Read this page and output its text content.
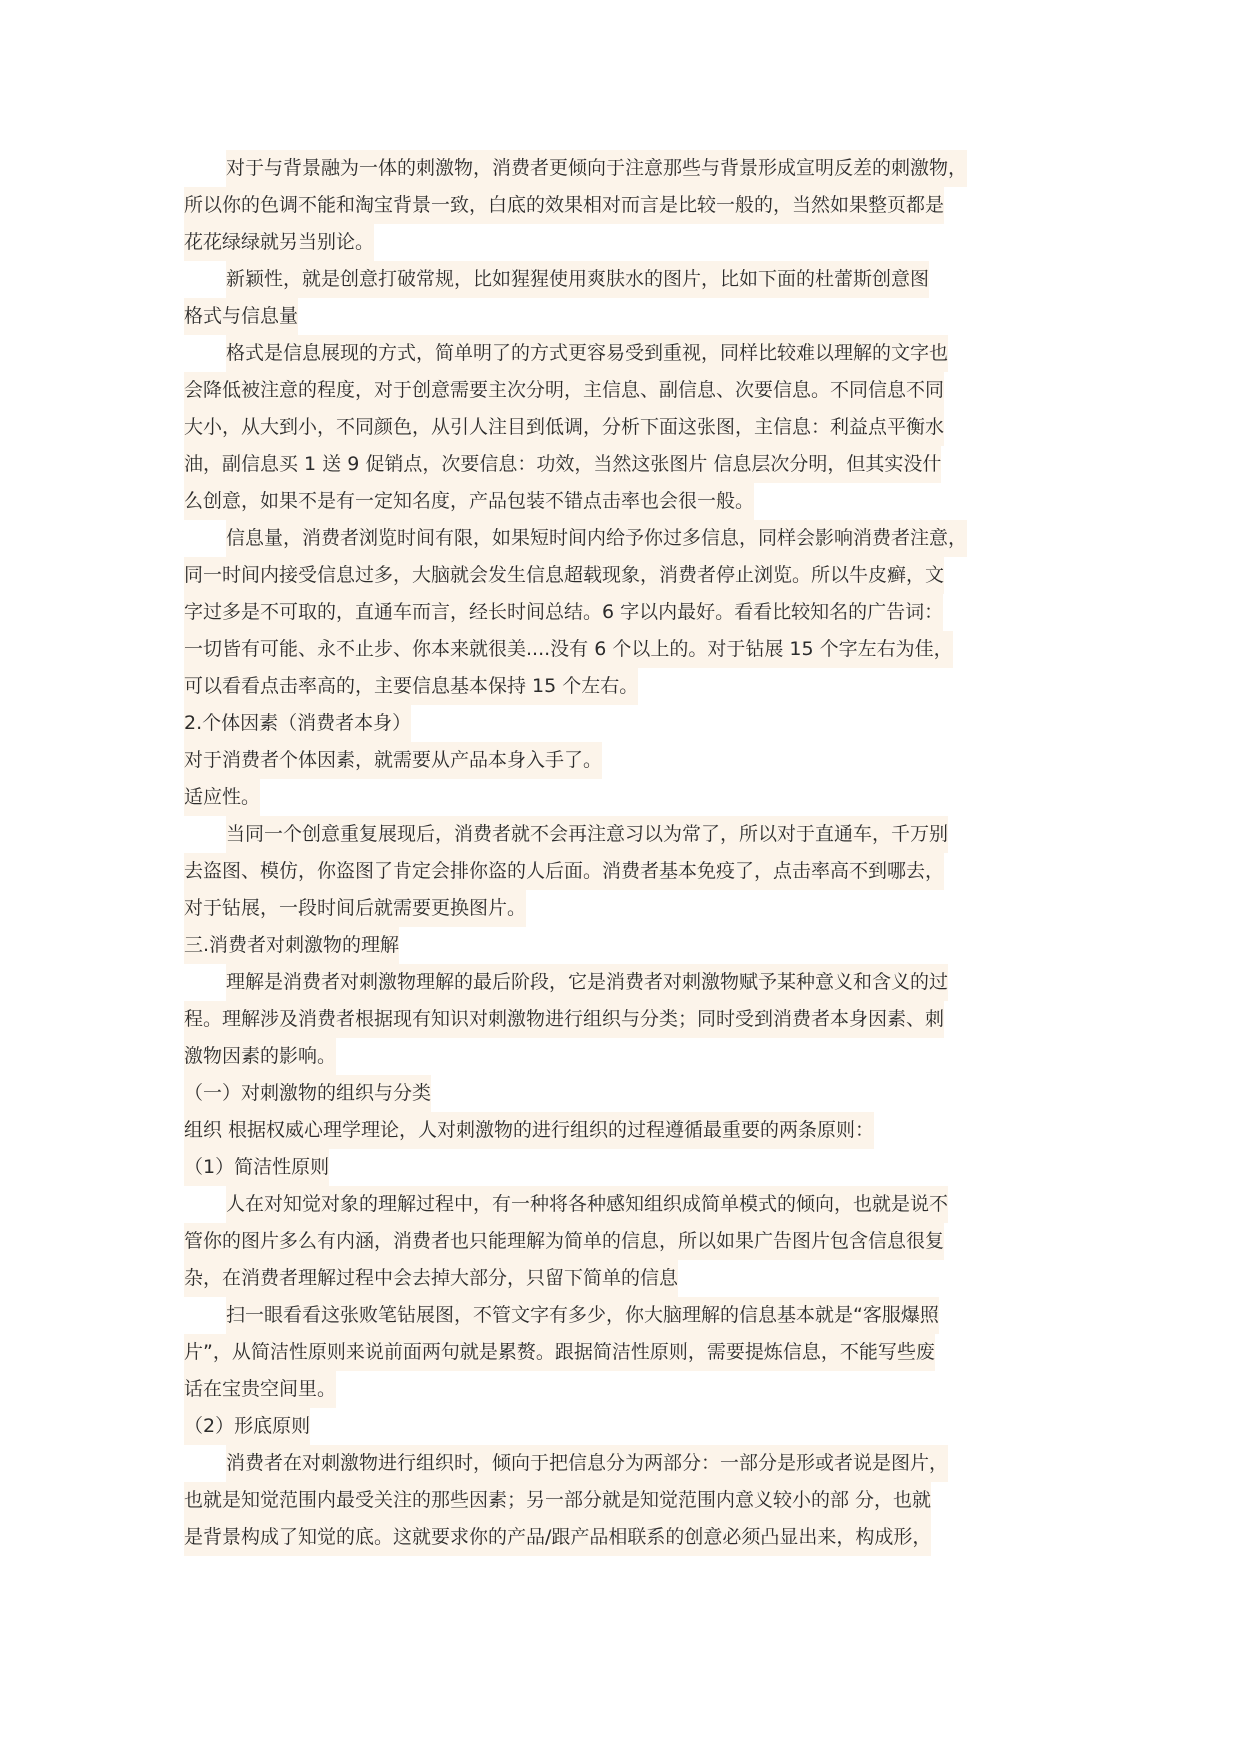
对于与背景融为一体的刺激物，消费者更倾向于注意那些与背景形成宣明反差的刺激物，
所以你的色调不能和淘宝背景一致，白底的效果相对而言是比较一般的，当然如果整页都是
花花绿绿就另当别论。
新颖性，就是创意打破常规，比如猩猩使用爽肤水的图片，比如下面的杜蕾斯创意图
格式与信息量
格式是信息展现的方式，简单明了的方式更容易受到重视，同样比较难以理解的文字也
会降低被注意的程度，对于创意需要主次分明，主信息、副信息、次要信息。不同信息不同
大小，从大到小，不同颜色，从引人注目到低调，分析下面这张图，主信息：利益点平衡水
油，副信息买 1 送 9 促销点，次要信息：功效，当然这张图片 信息层次分明，但其实没什
么创意，如果不是有一定知名度，产品包装不错点击率也会很一般。
信息量，消费者浏览时间有限，如果短时间内给予你过多信息，同样会影响消费者注意，
同一时间内接受信息过多，大脑就会发生信息超载现象，消费者停止浏览。所以牛皮癣，文
字过多是不可取的，直通车而言，经长时间总结。6 字以内最好。看看比较知名的广告词：
一切皆有可能、永不止步、你本来就很美....没有 6 个以上的。对于钻展 15 个字左右为佳，
可以看看点击率高的，主要信息基本保持 15 个左右。
2.个体因素（消费者本身）
对于消费者个体因素，就需要从产品本身入手了。
适应性。
当同一个创意重复展现后，消费者就不会再注意习以为常了，所以对于直通车，千万别
去盗图、模仿，你盗图了肯定会排你盗的人后面。消费者基本免疫了，点击率高不到哪去，
对于钻展，一段时间后就需要更换图片。
三.消费者对刺激物的理解
理解是消费者对刺激物理解的最后阶段，它是消费者对刺激物赋予某种意义和含义的过
程。理解涉及消费者根据现有知识对刺激物进行组织与分类；同时受到消费者本身因素、刺
激物因素的影响。
（一）对刺激物的组织与分类
组织 根据权威心理学理论，人对刺激物的进行组织的过程遵循最重要的两条原则：
（1）简洁性原则
人在对知觉对象的理解过程中，有一种将各种感知组织成简单模式的倾向，也就是说不
管你的图片多么有内涵，消费者也只能理解为简单的信息，所以如果广告图片包含信息很复
杂，在消费者理解过程中会去掉大部分，只留下简单的信息
扫一眼看看这张败笔钻展图，不管文字有多少，你大脑理解的信息基本就是“客服爆照
片”，从简洁性原则来说前面两句就是累赘。跟据简洁性原则，需要提炼信息，不能写些废
话在宝贵空间里。
（2）形底原则
消费者在对刺激物进行组织时，倾向于把信息分为两部分：一部分是形或者说是图片，
也就是知觉范围内最受关注的那些因素；另一部分就是知觉范围内意义较小的部 分，也就
是背景构成了知觉的底。这就要求你的产品/跟产品相联系的创意必须凸显出来，构成形，
